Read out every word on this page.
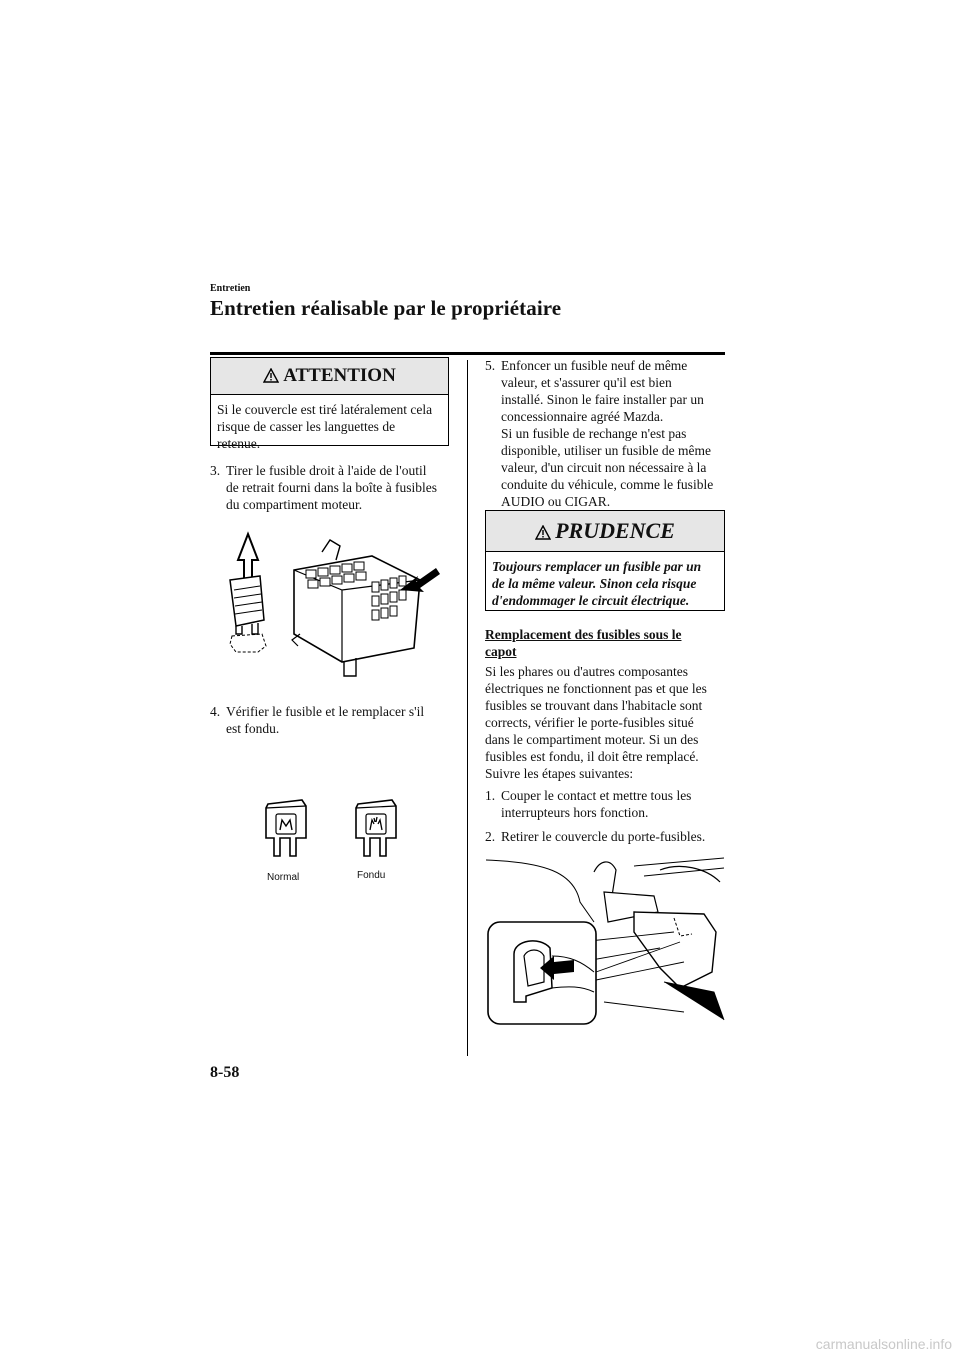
Entretien
Entretien réalisable par le propriétaire
ATTENTION
Si le couvercle est tiré latéralement cela
risque de casser les languettes de
retenue.
3. Tirer le fusible droit à l'aide de l'outil
de retrait fourni dans la boîte à fusibles
du compartiment moteur.
4. Vérifier le fusible et le remplacer s'il
est fondu.
Normal	Fondu
5. Enfoncer un fusible neuf de même
valeur, et s'assurer qu'il est bien
installé. Sinon le faire installer par un
concessionnaire agréé Mazda.
Si un fusible de rechange n'est pas
disponible, utiliser un fusible de même
valeur, d'un circuit non nécessaire à la
conduite du véhicule, comme le fusible
AUDIO ou CIGAR.
PRUDENCE
Toujours remplacer un fusible par un
de la même valeur. Sinon cela risque
d'endommager le circuit électrique.
Remplacement des fusibles sous le
capot
Si les phares ou d'autres composantes
électriques ne fonctionnent pas et que les
fusibles se trouvant dans l'habitacle sont
corrects, vérifier le porte-fusibles situé
dans le compartiment moteur. Si un des
fusibles est fondu, il doit être remplacé.
Suivre les étapes suivantes:
1. Couper le contact et mettre tous les
interrupteurs hors fonction.
2. Retirer le couvercle du porte-fusibles.
8-58
carmanualsonline.info
